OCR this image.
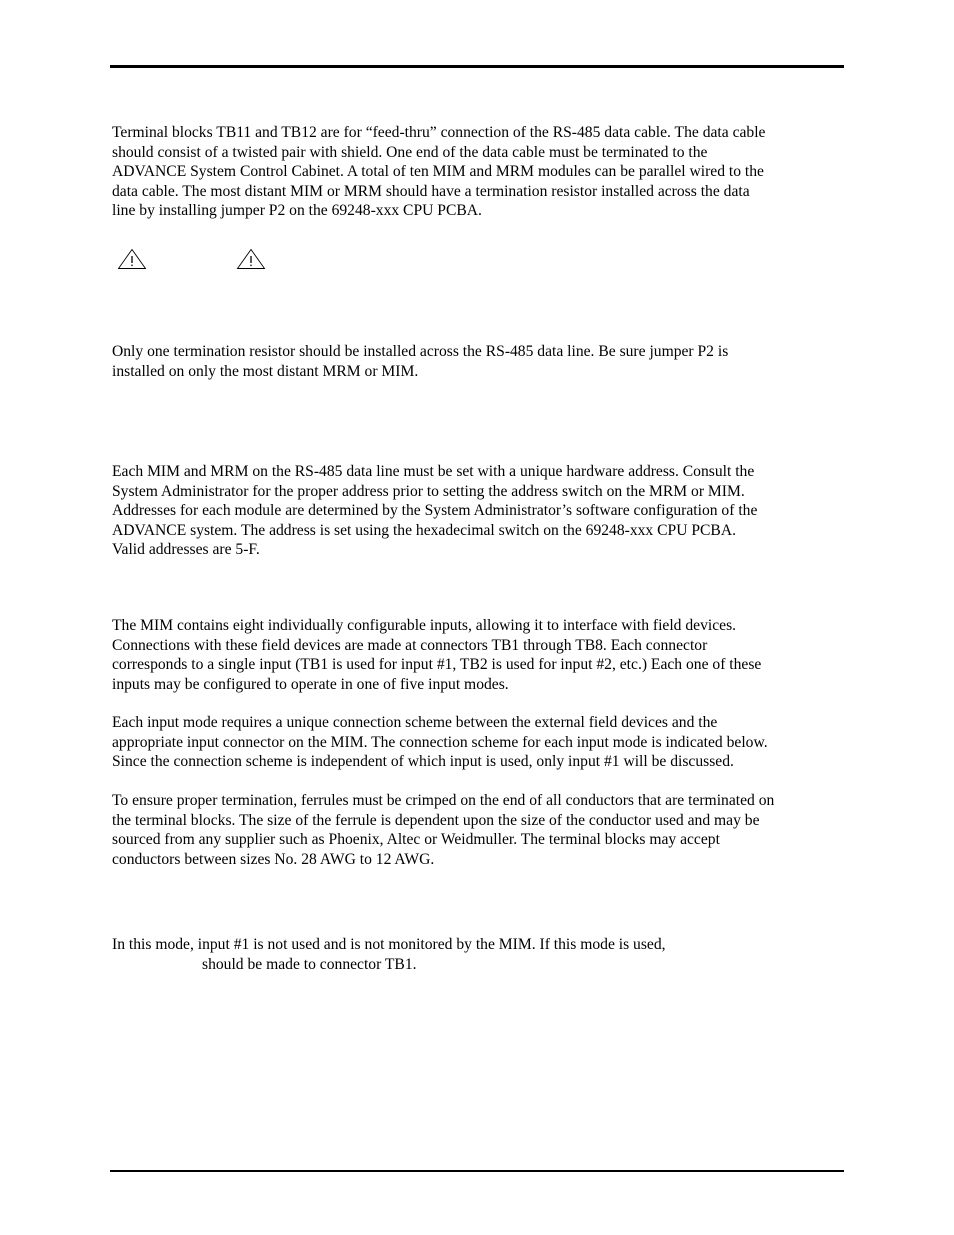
Terminal blocks TB11 and TB12 are for “feed-thru” connection of the RS-485 data cable. The data cable
should consist of a twisted pair with shield. One end of the data cable must be terminated to the
ADVANCE System Control Cabinet. A total of ten MIM and MRM modules can be parallel wired to the
data cable. The most distant MIM or MRM should have a termination resistor installed across the data
line by installing jumper P2 on the 69248-xxx CPU PCBA.

Only one termination resistor should be installed across the RS-485 data line. Be sure jumper P2 is
installed on only the most distant MRM or MIM.

Each MIM and MRM on the RS-485 data line must be set with a unique hardware address. Consult the
System Administrator for the proper address prior to setting the address switch on the MRM or MIM.
Addresses for each module are determined by the System Administrator’s software configuration of the
ADVANCE system. The address is set using the hexadecimal switch on the 69248-xxx CPU PCBA.
Valid addresses are 5-F.

The MIM contains eight individually configurable inputs, allowing it to interface with field devices.
Connections with these field devices are made at connectors TB1 through TB8. Each connector
corresponds to a single input (TB1 is used for input #1, TB2 is used for input #2, etc.) Each one of these
inputs may be configured to operate in one of five input modes.

Each input mode requires a unique connection scheme between the external field devices and the
appropriate input connector on the MIM. The connection scheme for each input mode is indicated below.
Since the connection scheme is independent of which input is used, only input #1 will be discussed.

To ensure proper termination, ferrules must be crimped on the end of all conductors that are terminated on
the terminal blocks. The size of the ferrule is dependent upon the size of the conductor used and may be
sourced from any supplier such as Phoenix, Altec or Weidmuller. The terminal blocks may accept
conductors between sizes No. 28 AWG to 12 AWG.

In this mode, input #1 is not used and is not monitored by the MIM. If this mode is used,
should be made to connector TB1.
